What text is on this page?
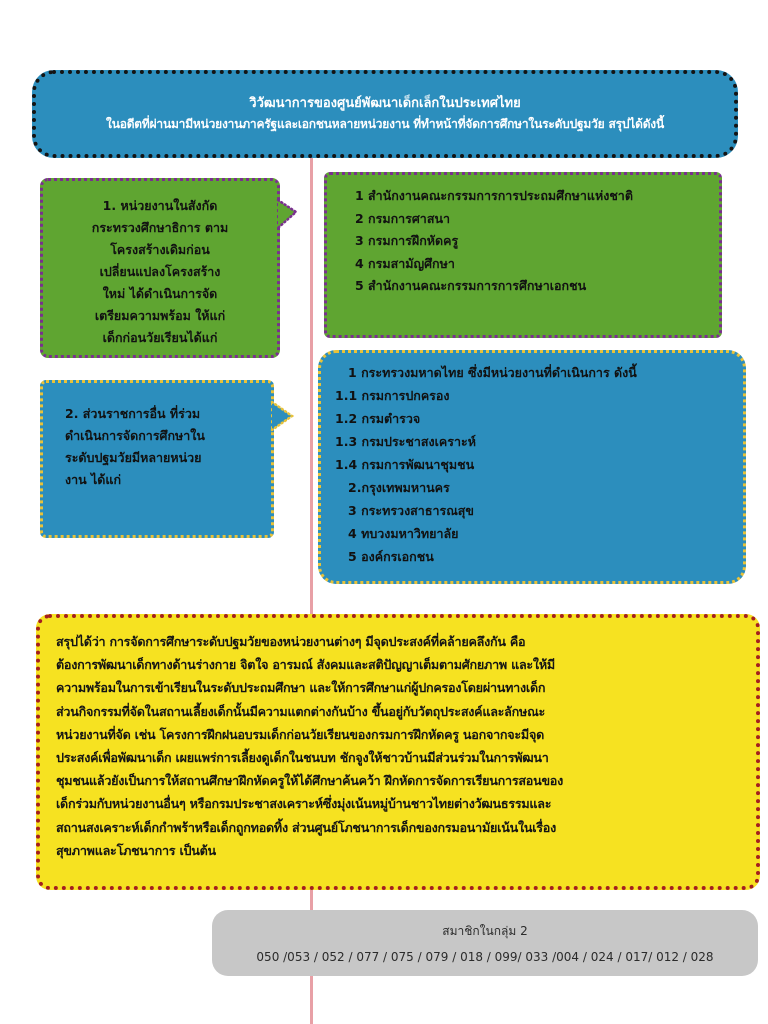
วิวัฒนาการของศูนย์พัฒนาเด็กเล็กในประเทศไทย
ในอดีตที่ผ่านมามีหน่วยงานภาครัฐและเอกชนหลายหน่วยงาน ที่ทำหน้าที่จัดการศึกษาในระดับปฐมวัย สรุปได้ดังนี้
1. หน่วยงานในสังกัด
กระทรวงศึกษาธิการ ตาม
โครงสร้างเดิมก่อน
เปลี่ยนแปลงโครงสร้าง
ใหม่ ได้ดำเนินการจัด
เตรียมความพร้อม ให้แก่
เด็กก่อนวัยเรียนได้แก่
1 สำนักงานคณะกรรมการการประถมศึกษาแห่งชาติ
2 กรมการศาสนา
3 กรมการฝึกหัดครู
4 กรมสามัญศึกษา
5 สำนักงานคณะกรรมการการศึกษาเอกชน
2. ส่วนราชการอื่น ที่ร่วม
ดำเนินการจัดการศึกษาใน
ระดับปฐมวัยมีหลายหน่วย
งาน ได้แก่
1 กระทรวงมหาดไทย ซึ่งมีหน่วยงานที่ดำเนินการ ดังนี้
1.1 กรมการปกครอง
1.2 กรมตำรวจ
1.3 กรมประชาสงเคราะห์
1.4 กรมการพัฒนาชุมชน
2.กรุงเทพมหานคร
3 กระทรวงสาธารณสุข
4 ทบวงมหาวิทยาลัย
5 องค์กรเอกชน
สรุปได้ว่า การจัดการศึกษาระดับปฐมวัยของหน่วยงานต่างๆ มีจุดประสงค์ที่คล้ายคลึงกัน คือ
ต้องการพัฒนาเด็กทางด้านร่างกาย จิตใจ อารมณ์ สังคมและสติปัญญาเต็มตามศักยภาพ และให้มี
ความพร้อมในการเข้าเรียนในระดับประถมศึกษา และให้การศึกษาแก่ผู้ปกครองโดยผ่านทางเด็ก
ส่วนกิจกรรมที่จัดในสถานเลี้ยงเด็กนั้นมีความแตกต่างกันบ้าง ขึ้นอยู่กับวัตถุประสงค์และลักษณะ
หน่วยงานที่จัด เช่น โครงการฝึกฝนอบรมเด็กก่อนวัยเรียนของกรมการฝึกหัดครู นอกจากจะมีจุด
ประสงค์เพื่อพัฒนาเด็ก เผยแพร่การเลี้ยงดูเด็กในชนบท ชักจูงให้ชาวบ้านมีส่วนร่วมในการพัฒนา
ชุมชนแล้วยังเป็นการให้สถานศึกษาฝึกหัดครูให้ได้ศึกษาค้นคว้า ฝึกหัดการจัดการเรียนการสอนของ
เด็กร่วมกับหน่วยงานอื่นๆ หรือกรมประชาสงเคราะห์ซึ่งมุ่งเน้นหมู่บ้านชาวไทยต่างวัฒนธรรมและ
สถานสงเคราะห์เด็กกำพร้าหรือเด็กถูกทอดทิ้ง ส่วนศูนย์โภชนาการเด็กของกรมอนามัยเน้นในเรื่อง
สุขภาพและโภชนาการ เป็นต้น
สมาชิกในกลุ่ม 2
050 /053 / 052 / 077 / 075 / 079 / 018 / 099/ 033 /004 / 024 / 017/ 012 / 028
